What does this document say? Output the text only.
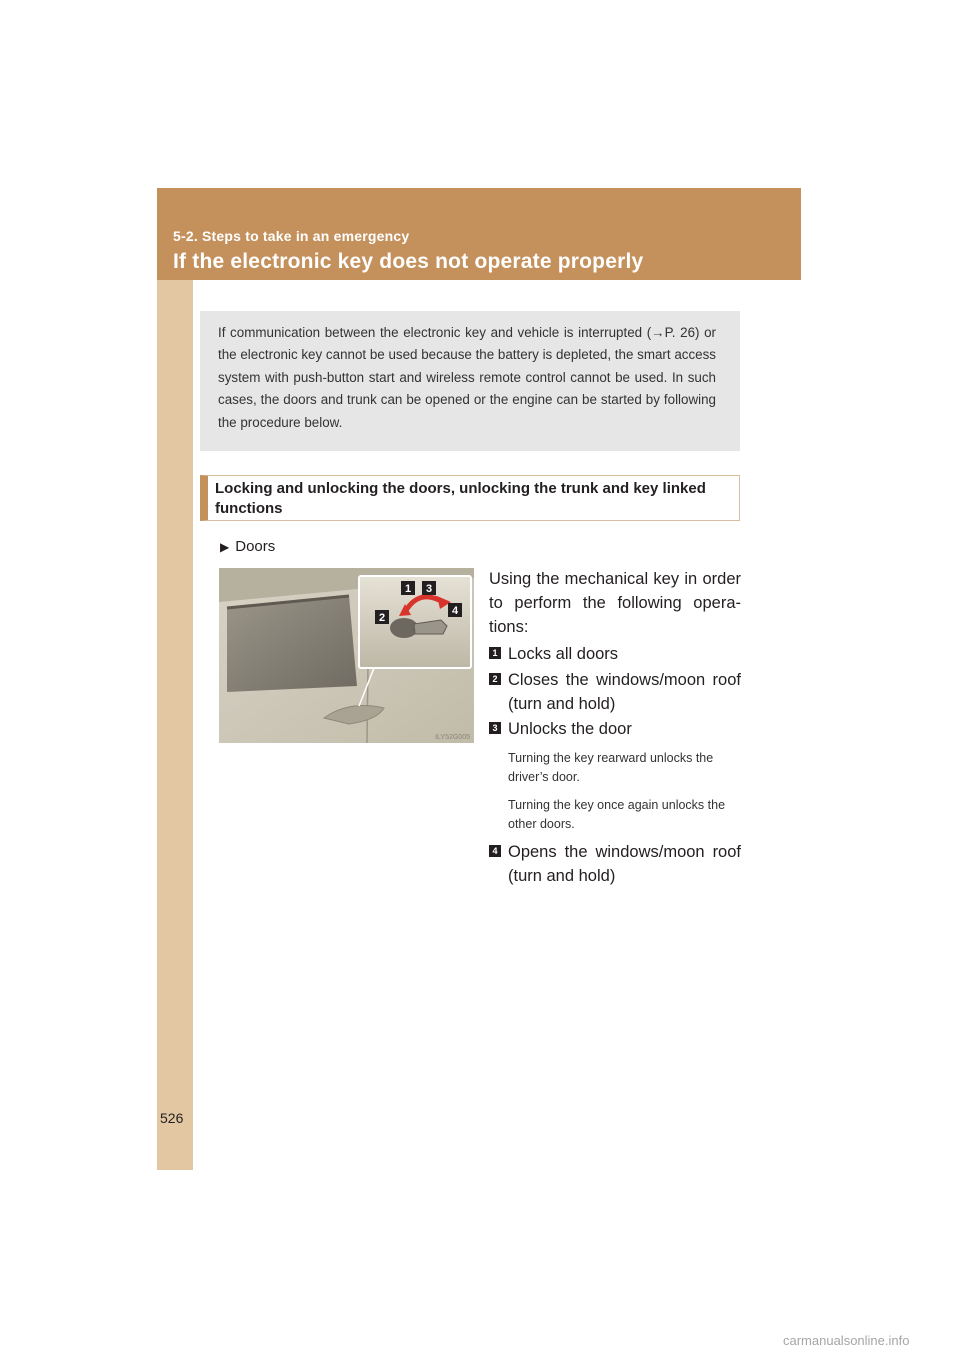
5-2. Steps to take in an emergency
If the electronic key does not operate properly

If communication between the electronic key and vehicle is interrupted (→P. 26) or the electronic key cannot be used because the battery is depleted, the smart access system with push-button start and wireless remote control cannot be used. In such cases, the doors and trunk can be opened or the engine can be started by following the procedure below.

Locking and unlocking the doors, unlocking the trunk and key linked functions

▶ Doors
1
2
3
4
ILY52G005
Using the mechanical key in order to perform the following opera-tions:
1 Locks all doors
2 Closes the windows/moon roof (turn and hold)
3 Unlocks the door
Turning the key rearward unlocks the driver’s door.
Turning the key once again unlocks the other doors.
4 Opens the windows/moon roof (turn and hold)
526
carmanualsonline.info
